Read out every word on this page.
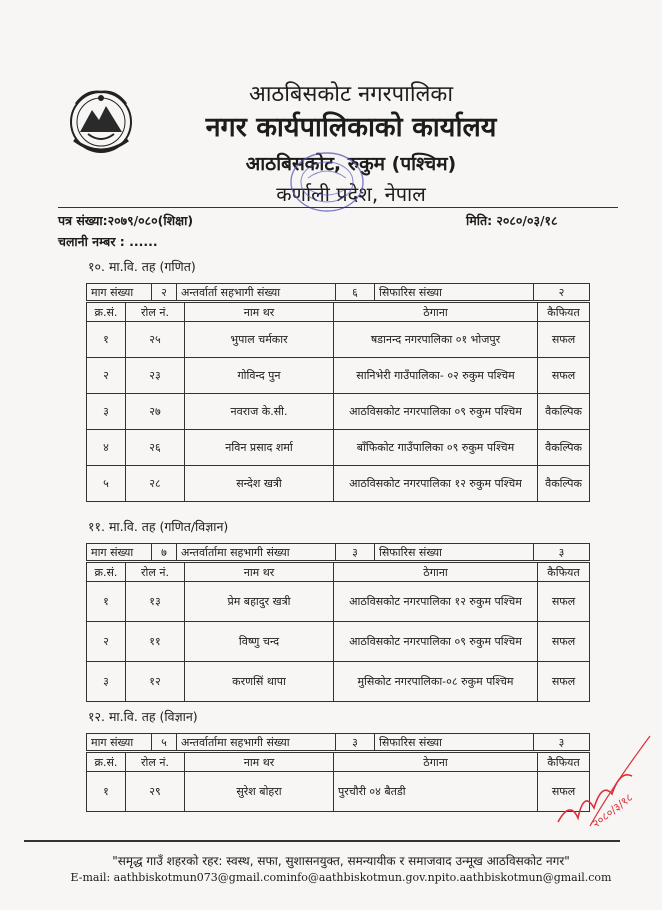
आठबिसकोट नगरपालिका
नगर कार्यपालिकाको कार्यालय
आठबिसकोट, रुकुम (पश्चिम)
कर्णाली प्रदेश, नेपाल
पत्र संख्या:२०७९/०८०(शिक्षा)	मिति: २०८०/०३/१८
चलानी नम्बर : ......
१०. मा.वि. तह (गणित)
माग संख्या	२	अन्तर्वार्ता सहभागी संख्या	६	सिफारिस संख्या	२
क्र.सं.	रोल नं.	नाम थर	ठेगाना	कैफियत
१	२५	भुपाल चर्मकार	षडानन्द नगरपालिका ०१ भोजपुर	सफल
२	२३	गोविन्द पुन	सानिभेरी गाउँपालिका- ०२ रुकुम पश्चिम	सफल
३	२७	नवराज के.सी.	आठविसकोट नगरपालिका ०९ रुकुम पश्चिम	वैकल्पिक
४	२६	नविन प्रसाद शर्मा	बाँफिकोट गाउँपालिका ०९ रुकुम पश्चिम	वैकल्पिक
५	२८	सन्देश खत्री	आठविसकोट नगरपालिका १२ रुकुम पश्चिम	वैकल्पिक
११. मा.वि. तह (गणित/विज्ञान)
माग संख्या	७	अन्तर्वार्तामा सहभागी संख्या	३	सिफारिस संख्या	३
क्र.सं.	रोल नं.	नाम थर	ठेगाना	कैफियत
१	१३	प्रेम बहादुर खत्री	आठविसकोट नगरपालिका १२ रुकुम पश्चिम	सफल
२	११	विष्णु चन्द	आठविसकोट नगरपालिका ०९ रुकुम पश्चिम	सफल
३	१२	करणसिं थापा	मुसिकोट नगरपालिका-०८ रुकुम पश्चिम	सफल
१२. मा.वि. तह (विज्ञान)
माग संख्या	५	अन्तर्वार्तामा सहभागी संख्या	३	सिफारिस संख्या	३
क्र.सं.	रोल नं.	नाम थर	ठेगाना	कैफियत
१	२९	सुरेश बोहरा	पुरचौरी ०४ बैतडी	सफल २०८०/३/१८
"समृद्ध गाउँ शहरको रहर: स्वस्थ, सफा, सुशासनयुक्त, समन्यायीक र समाजवाद उन्मूख आठविसकोट नगर"
E-mail: aathbiskotmun073@gmail.cominfo@aathbiskotmun.gov.npito.aathbiskotmun@gmail.com
